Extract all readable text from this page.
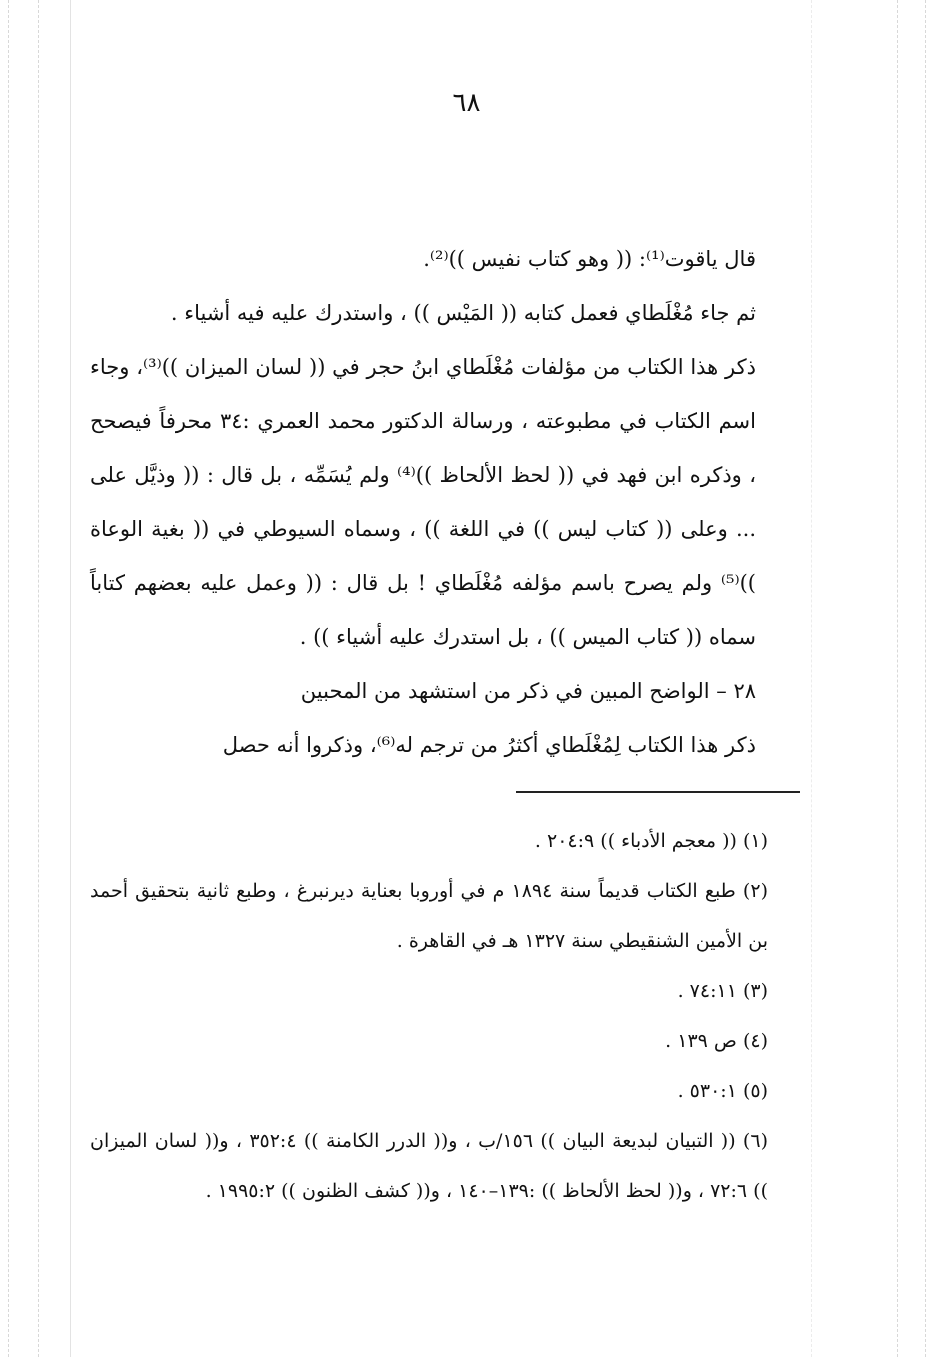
٦٨

قال ياقوت⁽¹⁾: (( وهو كتاب نفيس ))⁽²⁾.

ثم جاء مُغْلَطاي فعمل كتابه (( المَيْس )) ، واستدرك عليه فيه أشياء .

ذكر هذا الكتاب من مؤلفات مُغْلَطاي ابنُ حجر في (( لسان الميزان ))⁽³⁾، وجاء اسم الكتاب في مطبوعته ، ورسالة الدكتور محمد العمري :٣٤ محرفاً فيصحح ، وذكره ابن فهد في (( لحظ الألحاظ ))⁽⁴⁾ ولم يُسَمِّه ، بل قال : (( وذيَّل على ... وعلى (( كتاب ليس )) في اللغة )) ، وسماه السيوطي في (( بغية الوعاة ))⁽⁵⁾ ولم يصرح باسم مؤلفه مُغْلَطاي ! بل قال : (( وعمل عليه بعضهم كتاباً سماه (( كتاب الميس )) ، بل استدرك عليه أشياء )) .

٢٨ – الواضح المبين في ذكر من استشهد من المحبين

ذكر هذا الكتاب لِمُغْلَطاي أكثرُ من ترجم له⁽⁶⁾، وذكروا أنه حصل

(١) (( معجم الأدباء )) ٢٠٤:٩ .

(٢) طبع الكتاب قديماً سنة ١٨٩٤ م في أوروبا بعناية ديرنبرغ ، وطبع ثانية بتحقيق أحمد بن الأمين الشنقيطي سنة ١٣٢٧ هـ في القاهرة .

(٣) ٧٤:١١ .

(٤) ص ١٣٩ .

(٥) ٥٣٠:١ .

(٦) (( التبيان لبديعة البيان )) ١٥٦/ب ، و(( الدرر الكامنة )) ٣٥٢:٤ ، و(( لسان الميزان )) ٧٢:٦ ، و(( لحظ الألحاظ )) :١٣٩–١٤٠ ، و(( كشف الظنون )) ١٩٩٥:٢ .
